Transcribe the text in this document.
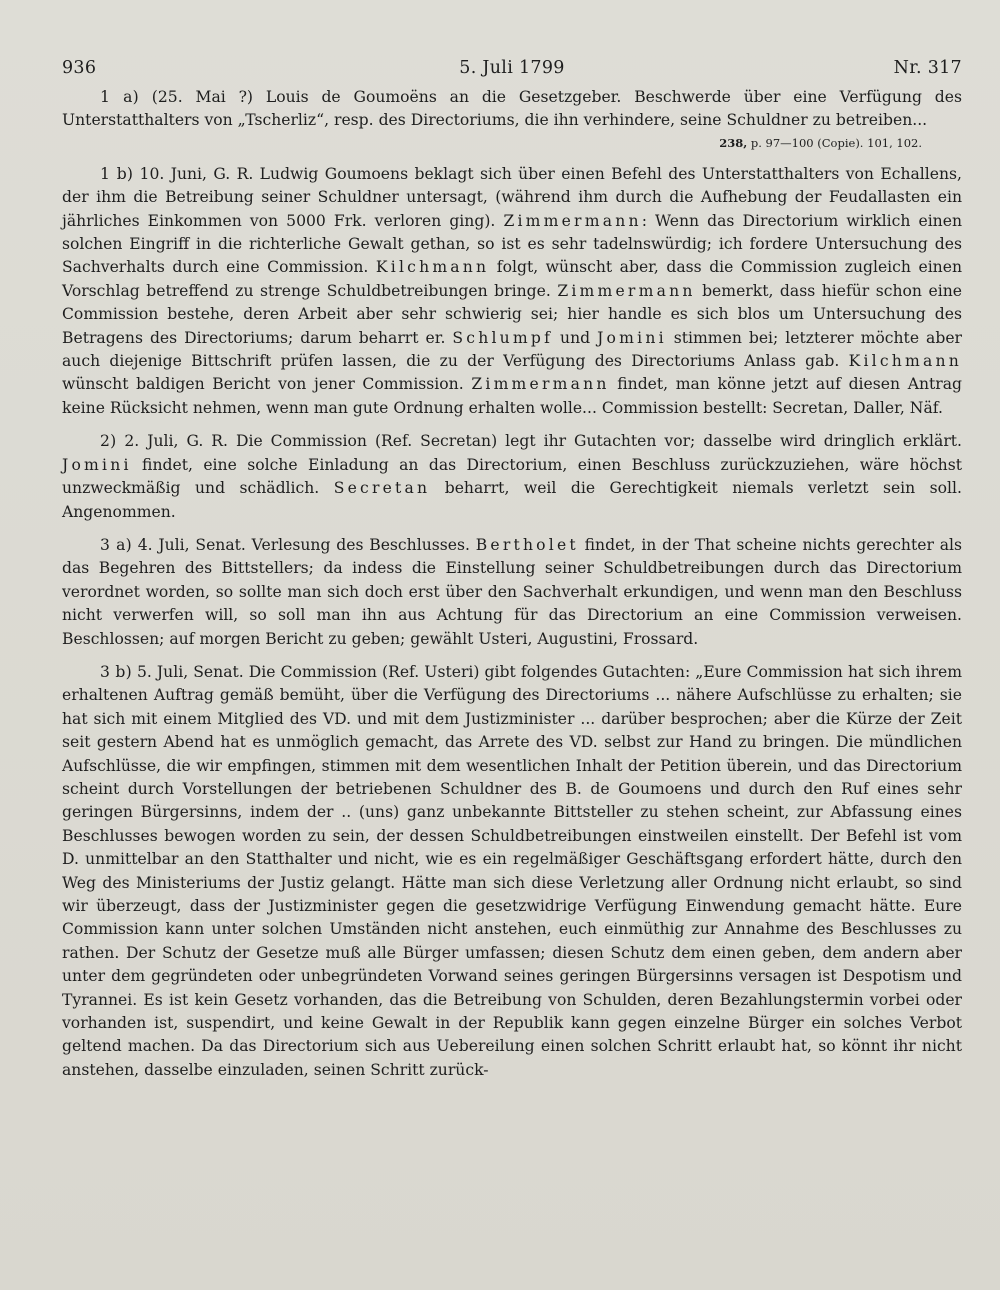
936	5. Juli 1799	Nr. 317

1 a) (25. Mai ?) Louis de Goumoëns an die Gesetzgeber. Beschwerde über eine Verfügung des Unterstatthalters von „Tscherliz“, resp. des Directoriums, die ihn verhindere, seine Schuldner zu betreiben...

238, p. 97—100 (Copie). 101, 102.

1 b) 10. Juni, G. R. Ludwig Goumoens beklagt sich über einen Befehl des Unterstatthalters von Echallens, der ihm die Betreibung seiner Schuldner untersagt, (während ihm durch die Aufhebung der Feudallasten ein jährliches Einkommen von 5000 Frk. verloren ging). Zimmermann: Wenn das Directorium wirklich einen solchen Eingriff in die richterliche Gewalt gethan, so ist es sehr tadelnswürdig; ich fordere Untersuchung des Sachverhalts durch eine Commission. Kilchmann folgt, wünscht aber, dass die Commission zugleich einen Vorschlag betreffend zu strenge Schuldbetreibungen bringe. Zimmermann bemerkt, dass hiefür schon eine Commission bestehe, deren Arbeit aber sehr schwierig sei; hier handle es sich blos um Untersuchung des Betragens des Directoriums; darum beharrt er. Schlumpf und Jomini stimmen bei; letzterer möchte aber auch diejenige Bittschrift prüfen lassen, die zu der Verfügung des Directoriums Anlass gab. Kilchmann wünscht baldigen Bericht von jener Commission. Zimmermann findet, man könne jetzt auf diesen Antrag keine Rücksicht nehmen, wenn man gute Ordnung erhalten wolle... Commission bestellt: Secretan, Daller, Näf.

2) 2. Juli, G. R. Die Commission (Ref. Secretan) legt ihr Gutachten vor; dasselbe wird dringlich erklärt. Jomini findet, eine solche Einladung an das Directorium, einen Beschluss zurückzuziehen, wäre höchst unzweckmäßig und schädlich. Secretan beharrt, weil die Gerechtigkeit niemals verletzt sein soll. Angenommen.

3 a) 4. Juli, Senat. Verlesung des Beschlusses. Bertholet findet, in der That scheine nichts gerechter als das Begehren des Bittstellers; da indess die Einstellung seiner Schuldbetreibungen durch das Directorium verordnet worden, so sollte man sich doch erst über den Sachverhalt erkundigen, und wenn man den Beschluss nicht verwerfen will, so soll man ihn aus Achtung für das Directorium an eine Commission verweisen. Beschlossen; auf morgen Bericht zu geben; gewählt Usteri, Augustini, Frossard.

3 b) 5. Juli, Senat. Die Commission (Ref. Usteri) gibt folgendes Gutachten: „Eure Commission hat sich ihrem erhaltenen Auftrag gemäß bemüht, über die Verfügung des Directoriums ... nähere Aufschlüsse zu erhalten; sie hat sich mit einem Mitglied des VD. und mit dem Justizminister ... darüber besprochen; aber die Kürze der Zeit seit gestern Abend hat es unmöglich gemacht, das Arrete des VD. selbst zur Hand zu bringen. Die mündlichen Aufschlüsse, die wir empfingen, stimmen mit dem wesentlichen Inhalt der Petition überein, und das Directorium scheint durch Vorstellungen der betriebenen Schuldner des B. de Goumoens und durch den Ruf eines sehr geringen Bürgersinns, indem der .. (uns) ganz unbekannte Bittsteller zu stehen scheint, zur Abfassung eines Beschlusses bewogen worden zu sein, der dessen Schuldbetreibungen einstweilen einstellt. Der Befehl ist vom D. unmittelbar an den Statthalter und nicht, wie es ein regelmäßiger Geschäftsgang erfordert hätte, durch den Weg des Ministeriums der Justiz gelangt. Hätte man sich diese Verletzung aller Ordnung nicht erlaubt, so sind wir überzeugt, dass der Justizminister gegen die gesetzwidrige Verfügung Einwendung gemacht hätte. Eure Commission kann unter solchen Umständen nicht anstehen, euch einmüthig zur Annahme des Beschlusses zu rathen. Der Schutz der Gesetze muß alle Bürger umfassen; diesen Schutz dem einen geben, dem andern aber unter dem gegründeten oder unbegründeten Vorwand seines geringen Bürgersinns versagen ist Despotism und Tyrannei. Es ist kein Gesetz vorhanden, das die Betreibung von Schulden, deren Bezahlungstermin vorbei oder vorhanden ist, suspendirt, und keine Gewalt in der Republik kann gegen einzelne Bürger ein solches Verbot geltend machen. Da das Directorium sich aus Uebereilung einen solchen Schritt erlaubt hat, so könnt ihr nicht anstehen, dasselbe einzuladen, seinen Schritt zurück-
